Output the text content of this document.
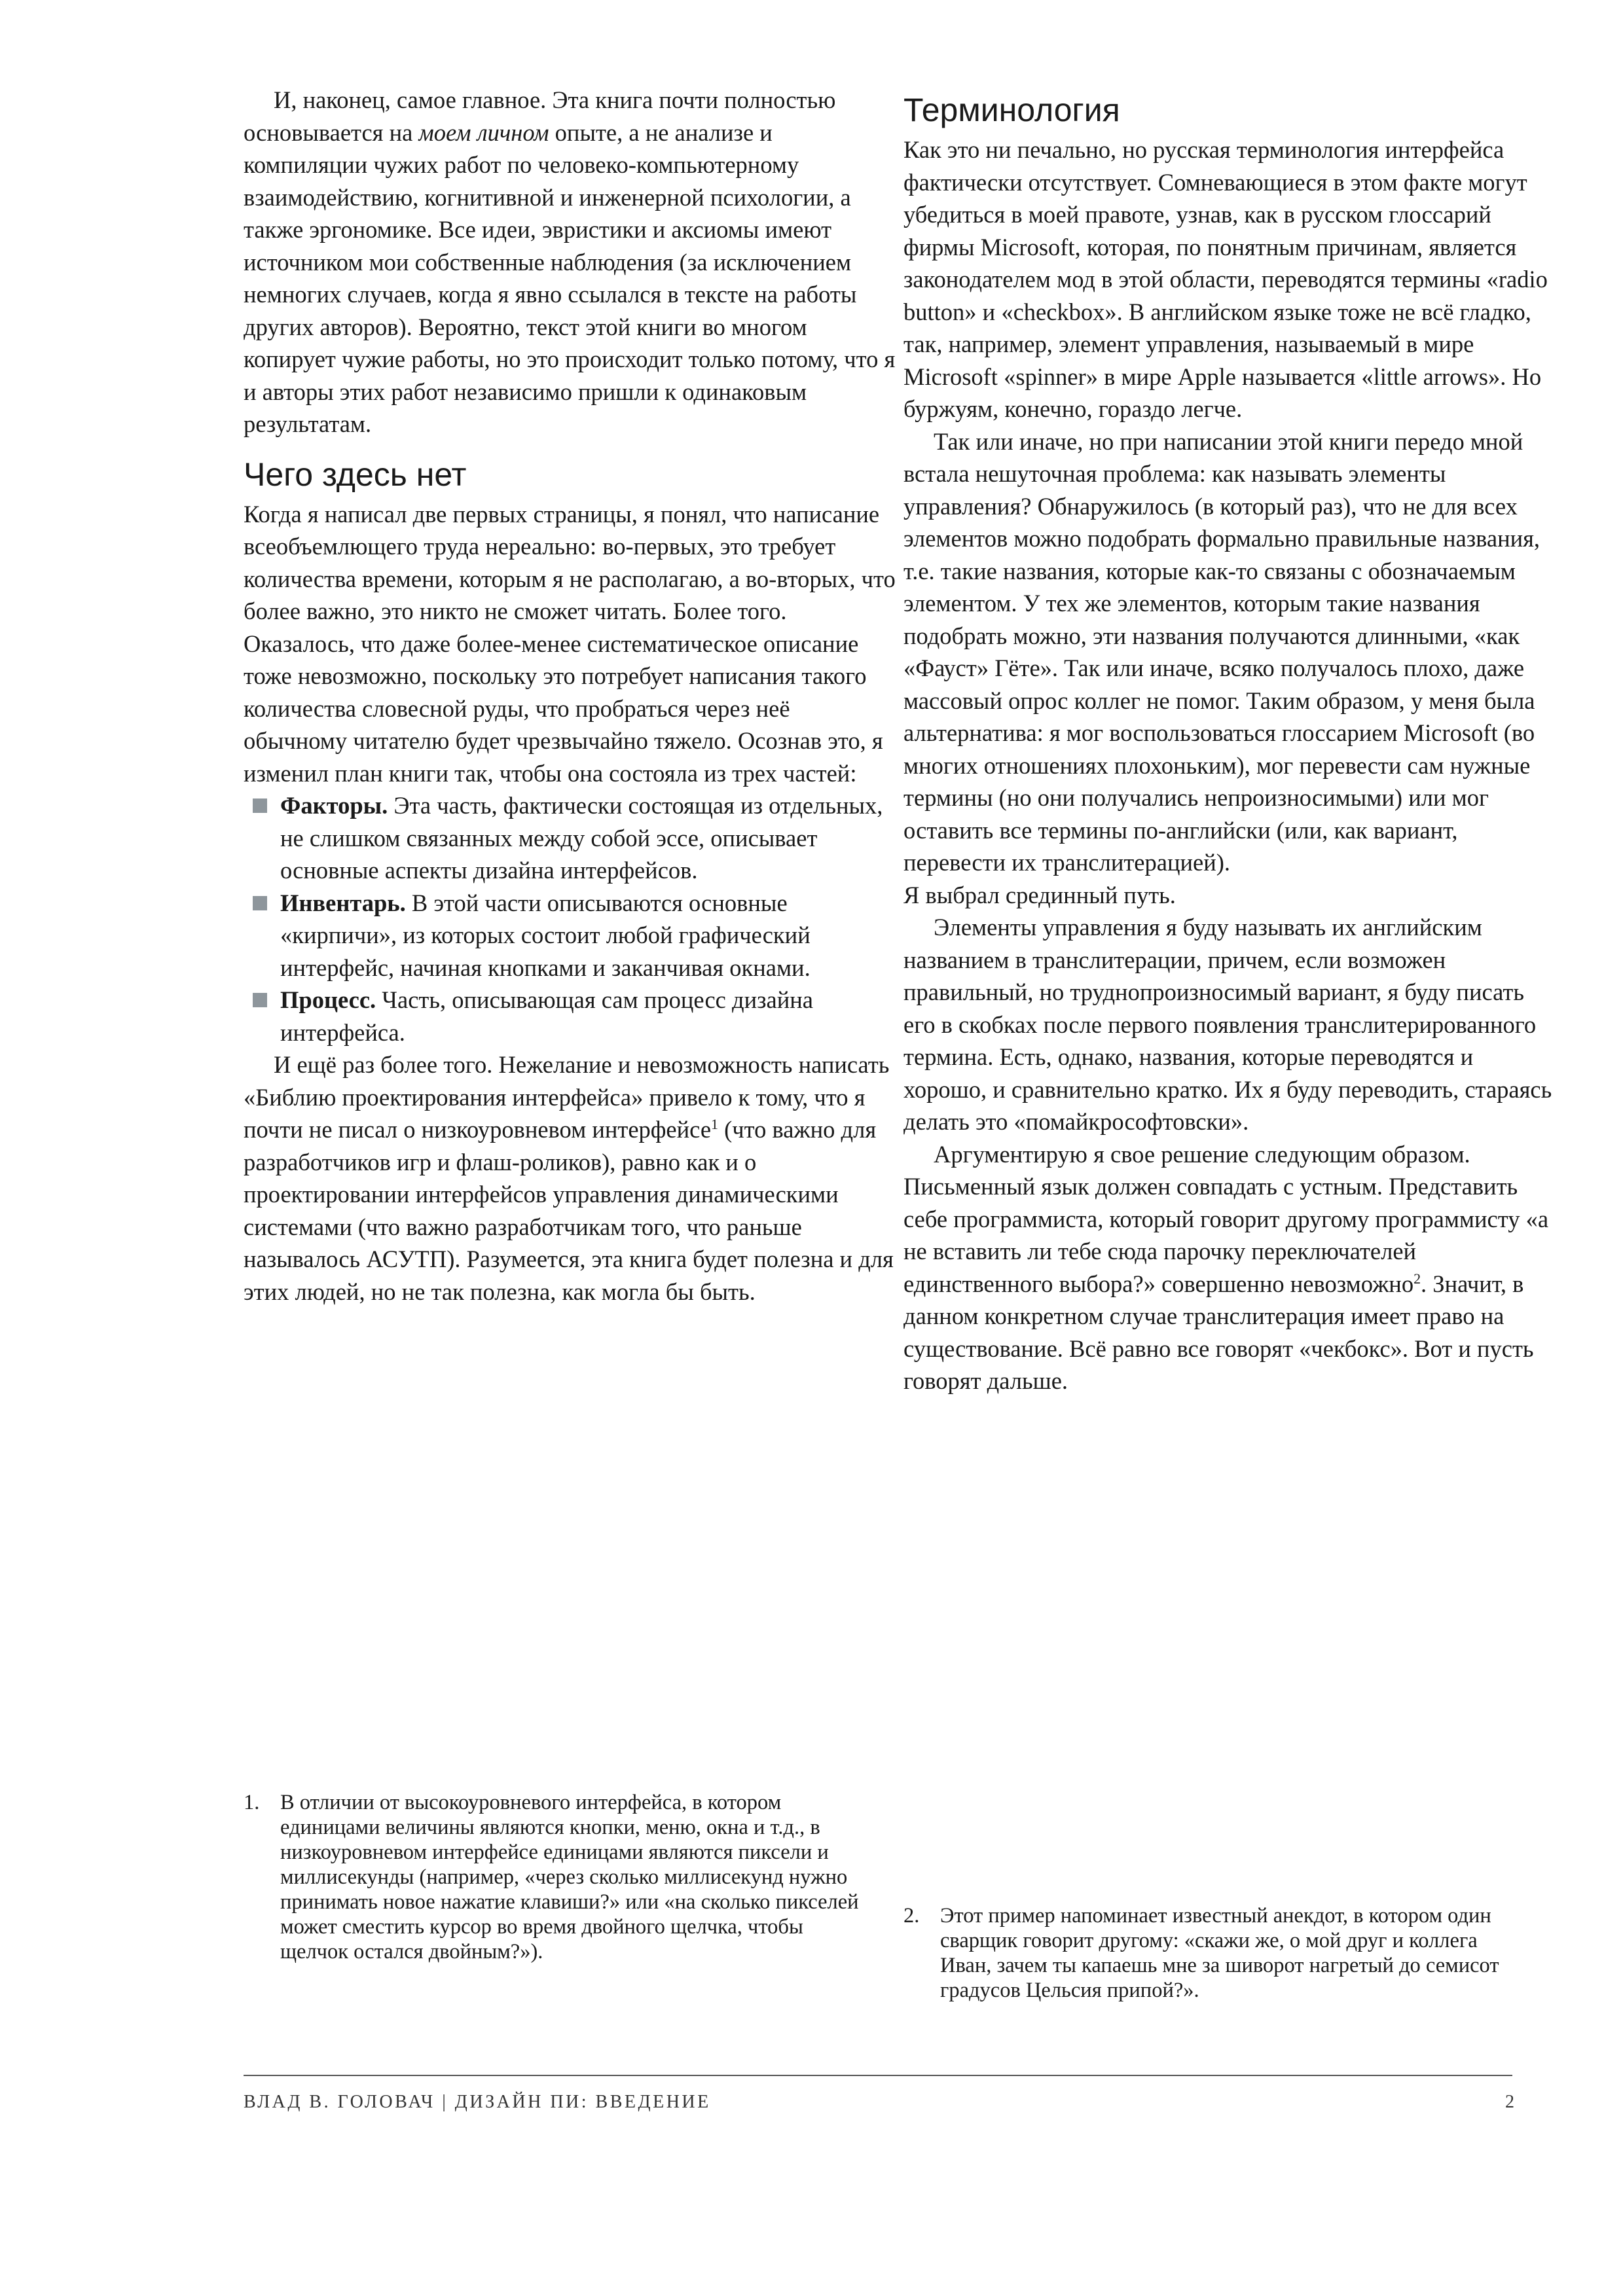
И, наконец, самое главное. Эта книга почти полностью основывается на моем личном опыте, а не анализе и компиляции чужих работ по человеко-компьютерному взаимодействию, когнитивной и инженерной психологии, а также эргономике. Все идеи, эвристики и аксиомы имеют источником мои собственные наблюдения (за исключением немногих случаев, когда я явно ссылался в тексте на работы других авторов). Вероятно, текст этой книги во многом копирует чужие работы, но это происходит только потому, что я и авторы этих работ независимо пришли к одинаковым результатам.

Чего здесь нет

Когда я написал две первых страницы, я понял, что написание всеобъемлющего труда нереально: во-первых, это требует количества времени, которым я не располагаю, а во-вторых, что более важно, это никто не сможет читать. Более того. Оказалось, что даже более-менее систематическое описание тоже невозможно, поскольку это потребует написания такого количества словесной руды, что пробраться через неё обычному читателю будет чрезвычайно тяжело. Осознав это, я изменил план книги так, чтобы она состояла из трех частей:

Факторы. Эта часть, фактически состоящая из отдельных, не слишком связанных между собой эссе, описывает основные аспекты дизайна интерфейсов.
Инвентарь. В этой части описываются основные «кирпичи», из которых состоит любой графический интерфейс, начиная кнопками и заканчивая окнами.
Процесс. Часть, описывающая сам процесс дизайна интерфейса.

И ещё раз более того. Нежелание и невозможность написать «Библию проектирования интерфейса» привело к тому, что я почти не писал о низкоуровневом интерфейсе$^1$ (что важно для разработчиков игр и флаш-роликов), равно как и о проектировании интерфейсов управления динамическими системами (что важно разработчикам того, что раньше называлось АСУТП). Разумеется, эта книга будет полезна и для этих людей, но не так полезна, как могла бы быть.

Терминология

Как это ни печально, но русская терминология интерфейса фактически отсутствует. Сомневающиеся в этом факте могут убедиться в моей правоте, узнав, как в русском глоссарий фирмы Microsoft, которая, по понятным причинам, является законодателем мод в этой области, переводятся термины «radio button» и «checkbox». В английском языке тоже не всё гладко, так, например, элемент управления, называемый в мире Microsoft «spinner» в мире Apple называется «little arrows». Но буржуям, конечно, гораздо легче.

Так или иначе, но при написании этой книги передо мной встала нешуточная проблема: как называть элементы управления? Обнаружилось (в который раз), что не для всех элементов можно подобрать формально правильные названия, т.е. такие названия, которые как-то связаны с обозначаемым элементом. У тех же элементов, которым такие названия подобрать можно, эти названия получаются длинными, «как «Фауст» Гёте». Так или иначе, всяко получалось плохо, даже массовый опрос коллег не помог. Таким образом, у меня была альтернатива: я мог воспользоваться глоссарием Microsoft (во многих отношениях плохоньким), мог перевести сам нужные термины (но они получались непроизносимыми) или мог оставить все термины по-английски (или, как вариант, перевести их транслитерацией).

Я выбрал срединный путь.

Элементы управления я буду называть их английским названием в транслитерации, причем, если возможен правильный, но труднопроизносимый вариант, я буду писать его в скобках после первого появления транслитерированного термина. Есть, однако, названия, которые переводятся и хорошо, и сравнительно кратко. Их я буду переводить, стараясь делать это «помайкрософтовски».

Аргументирую я свое решение следующим образом. Письменный язык должен совпадать с устным. Представить себе программиста, который говорит другому программисту «а не вставить ли тебе сюда парочку переключателей единственного выбора?» совершенно невозможно$^2$. Значит, в данном конкретном случае транслитерация имеет право на существование. Всё равно все говорят «чекбокс». Вот и пусть говорят дальше.

1. В отличии от высокоуровневого интерфейса, в котором единицами величины являются кнопки, меню, окна и т.д., в низкоуровневом интерфейсе единицами являются пиксели и миллисекунды (например, «через сколько миллисекунд нужно принимать новое нажатие клавиши?» или «на сколько пикселей может сместить курсор во время двойного щелчка, чтобы щелчок остался двойным?»).

2. Этот пример напоминает известный анекдот, в котором один сварщик говорит другому: «скажи же, о мой друг и коллега Иван, зачем ты капаешь мне за шиворот нагретый до семисот градусов Цельсия припой?».

ВЛАД В. ГОЛОВАЧ | ДИЗАЙН ПИ: ВВЕДЕНИЕ	2
